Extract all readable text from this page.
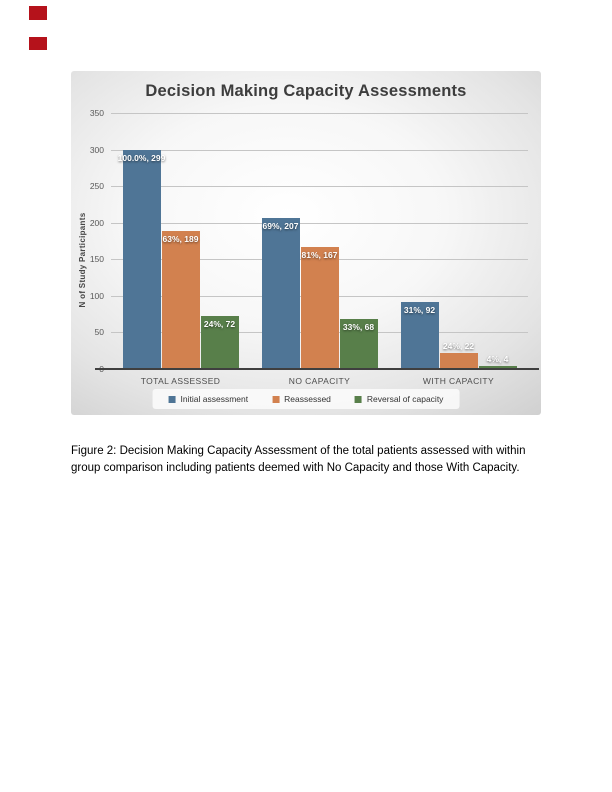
Decision Making Capacity Assessments
N of Study Participants
350
300
250
200
150
100
50
100.0%, 299
63%, 189
24%, 72
69%, 207
81%, 167
33%, 68
31%, 92
24%, 22
4%, 4
TOTAL ASSESSED	NO CAPACITY	WITH CAPACITY
Initial assessment	Reassessed	Reversal of capacity

Figure 2: Decision Making Capacity Assessment of the total patients assessed with within group comparison including patients deemed with No Capacity and those With Capacity.
